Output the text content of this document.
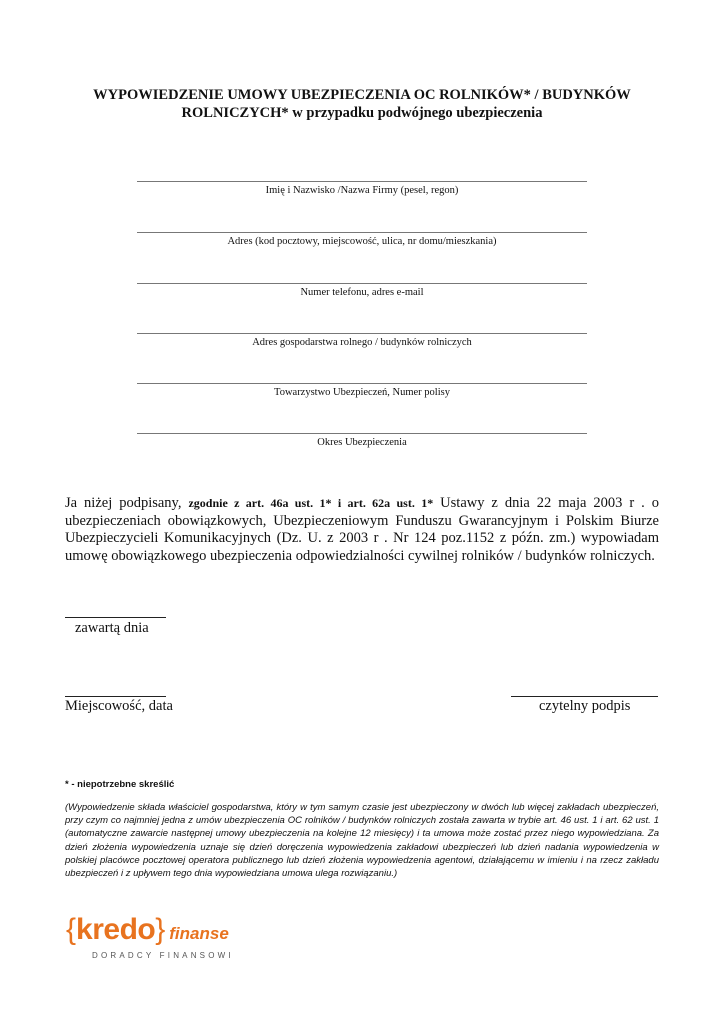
WYPOWIEDZENIE UMOWY UBEZPIECZENIA OC ROLNIKÓW* / BUDYNKÓW
ROLNICZYCH* w przypadku podwójnego ubezpieczenia
Imię i Nazwisko /Nazwa Firmy (pesel, regon)
Adres (kod pocztowy, miejscowość, ulica, nr domu/mieszkania)
Numer telefonu, adres e-mail
Adres gospodarstwa rolnego / budynków rolniczych
Towarzystwo Ubezpieczeń, Numer polisy
Okres Ubezpieczenia
Ja niżej podpisany, zgodnie z art. 46a ust. 1* i art. 62a ust. 1* Ustawy z dnia 22 maja 2003 r . o ubezpieczeniach obowiązkowych, Ubezpieczeniowym Funduszu Gwarancyjnym i Polskim Biurze Ubezpieczycieli Komunikacyjnych (Dz. U. z 2003 r . Nr 124 poz.1152 z późn. zm.) wypowiadam umowę obowiązkowego ubezpieczenia odpowiedzialności cywilnej rolników / budynków rolniczych.
zawartą dnia
Miejscowość, data	czytelny podpis
* - niepotrzebne skreślić
(Wypowiedzenie składa właściciel gospodarstwa, który w tym samym czasie jest ubezpieczony w dwóch lub więcej zakładach ubezpieczeń, przy czym co najmniej jedna z umów ubezpieczenia OC rolników / budynków rolniczych została zawarta w trybie art. 46 ust. 1 i art. 62 ust. 1 (automatyczne zawarcie następnej umowy ubezpieczenia na kolejne 12 miesięcy) i ta umowa może zostać przez niego wypowiedziana. Za dzień złożenia wypowiedzenia uznaje się dzień doręczenia wypowiedzenia zakładowi ubezpieczeń lub dzień nadania wypowiedzenia w polskiej placówce pocztowej operatora publicznego lub dzień złożenia wypowiedzenia agentowi, działającemu w imieniu i na rzecz zakładu ubezpieczeń i z upływem tego dnia wypowiedziana umowa ulega rozwiązaniu.)
{kredo} finanse
DORADCY FINANSOWI
